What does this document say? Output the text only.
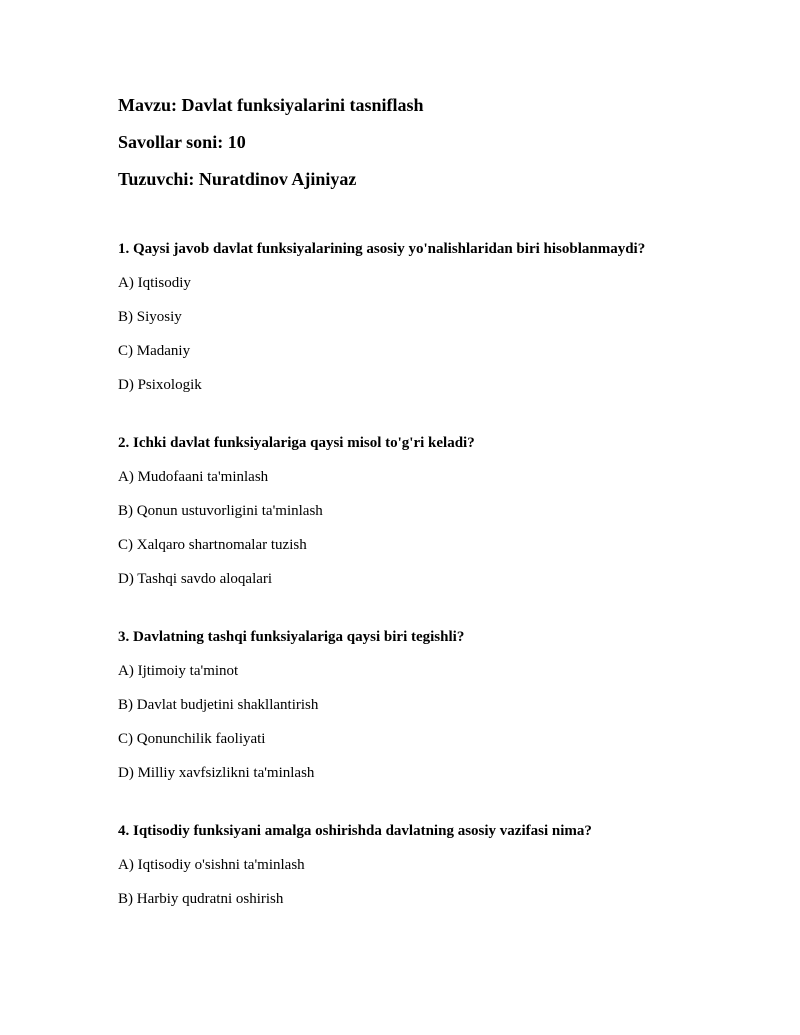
Mavzu: Davlat funksiyalarini tasniflash
Savollar soni: 10
Tuzuvchi: Nuratdinov Ajiniyaz
1. Qaysi javob davlat funksiyalarining asosiy yo'nalishlaridan biri hisoblanmaydi?
A) Iqtisodiy
B) Siyosiy
C) Madaniy
D) Psixologik
2. Ichki davlat funksiyalariga qaysi misol to'g'ri keladi?
A) Mudofaani ta'minlash
B) Qonun ustuvorligini ta'minlash
C) Xalqaro shartnomalar tuzish
D) Tashqi savdo aloqalari
3. Davlatning tashqi funksiyalariga qaysi biri tegishli?
A) Ijtimoiy ta'minot
B) Davlat budjetini shakllantirish
C) Qonunchilik faoliyati
D) Milliy xavfsizlikni ta'minlash
4. Iqtisodiy funksiyani amalga oshirishda davlatning asosiy vazifasi nima?
A) Iqtisodiy o'sishni ta'minlash
B) Harbiy qudratni oshirish
